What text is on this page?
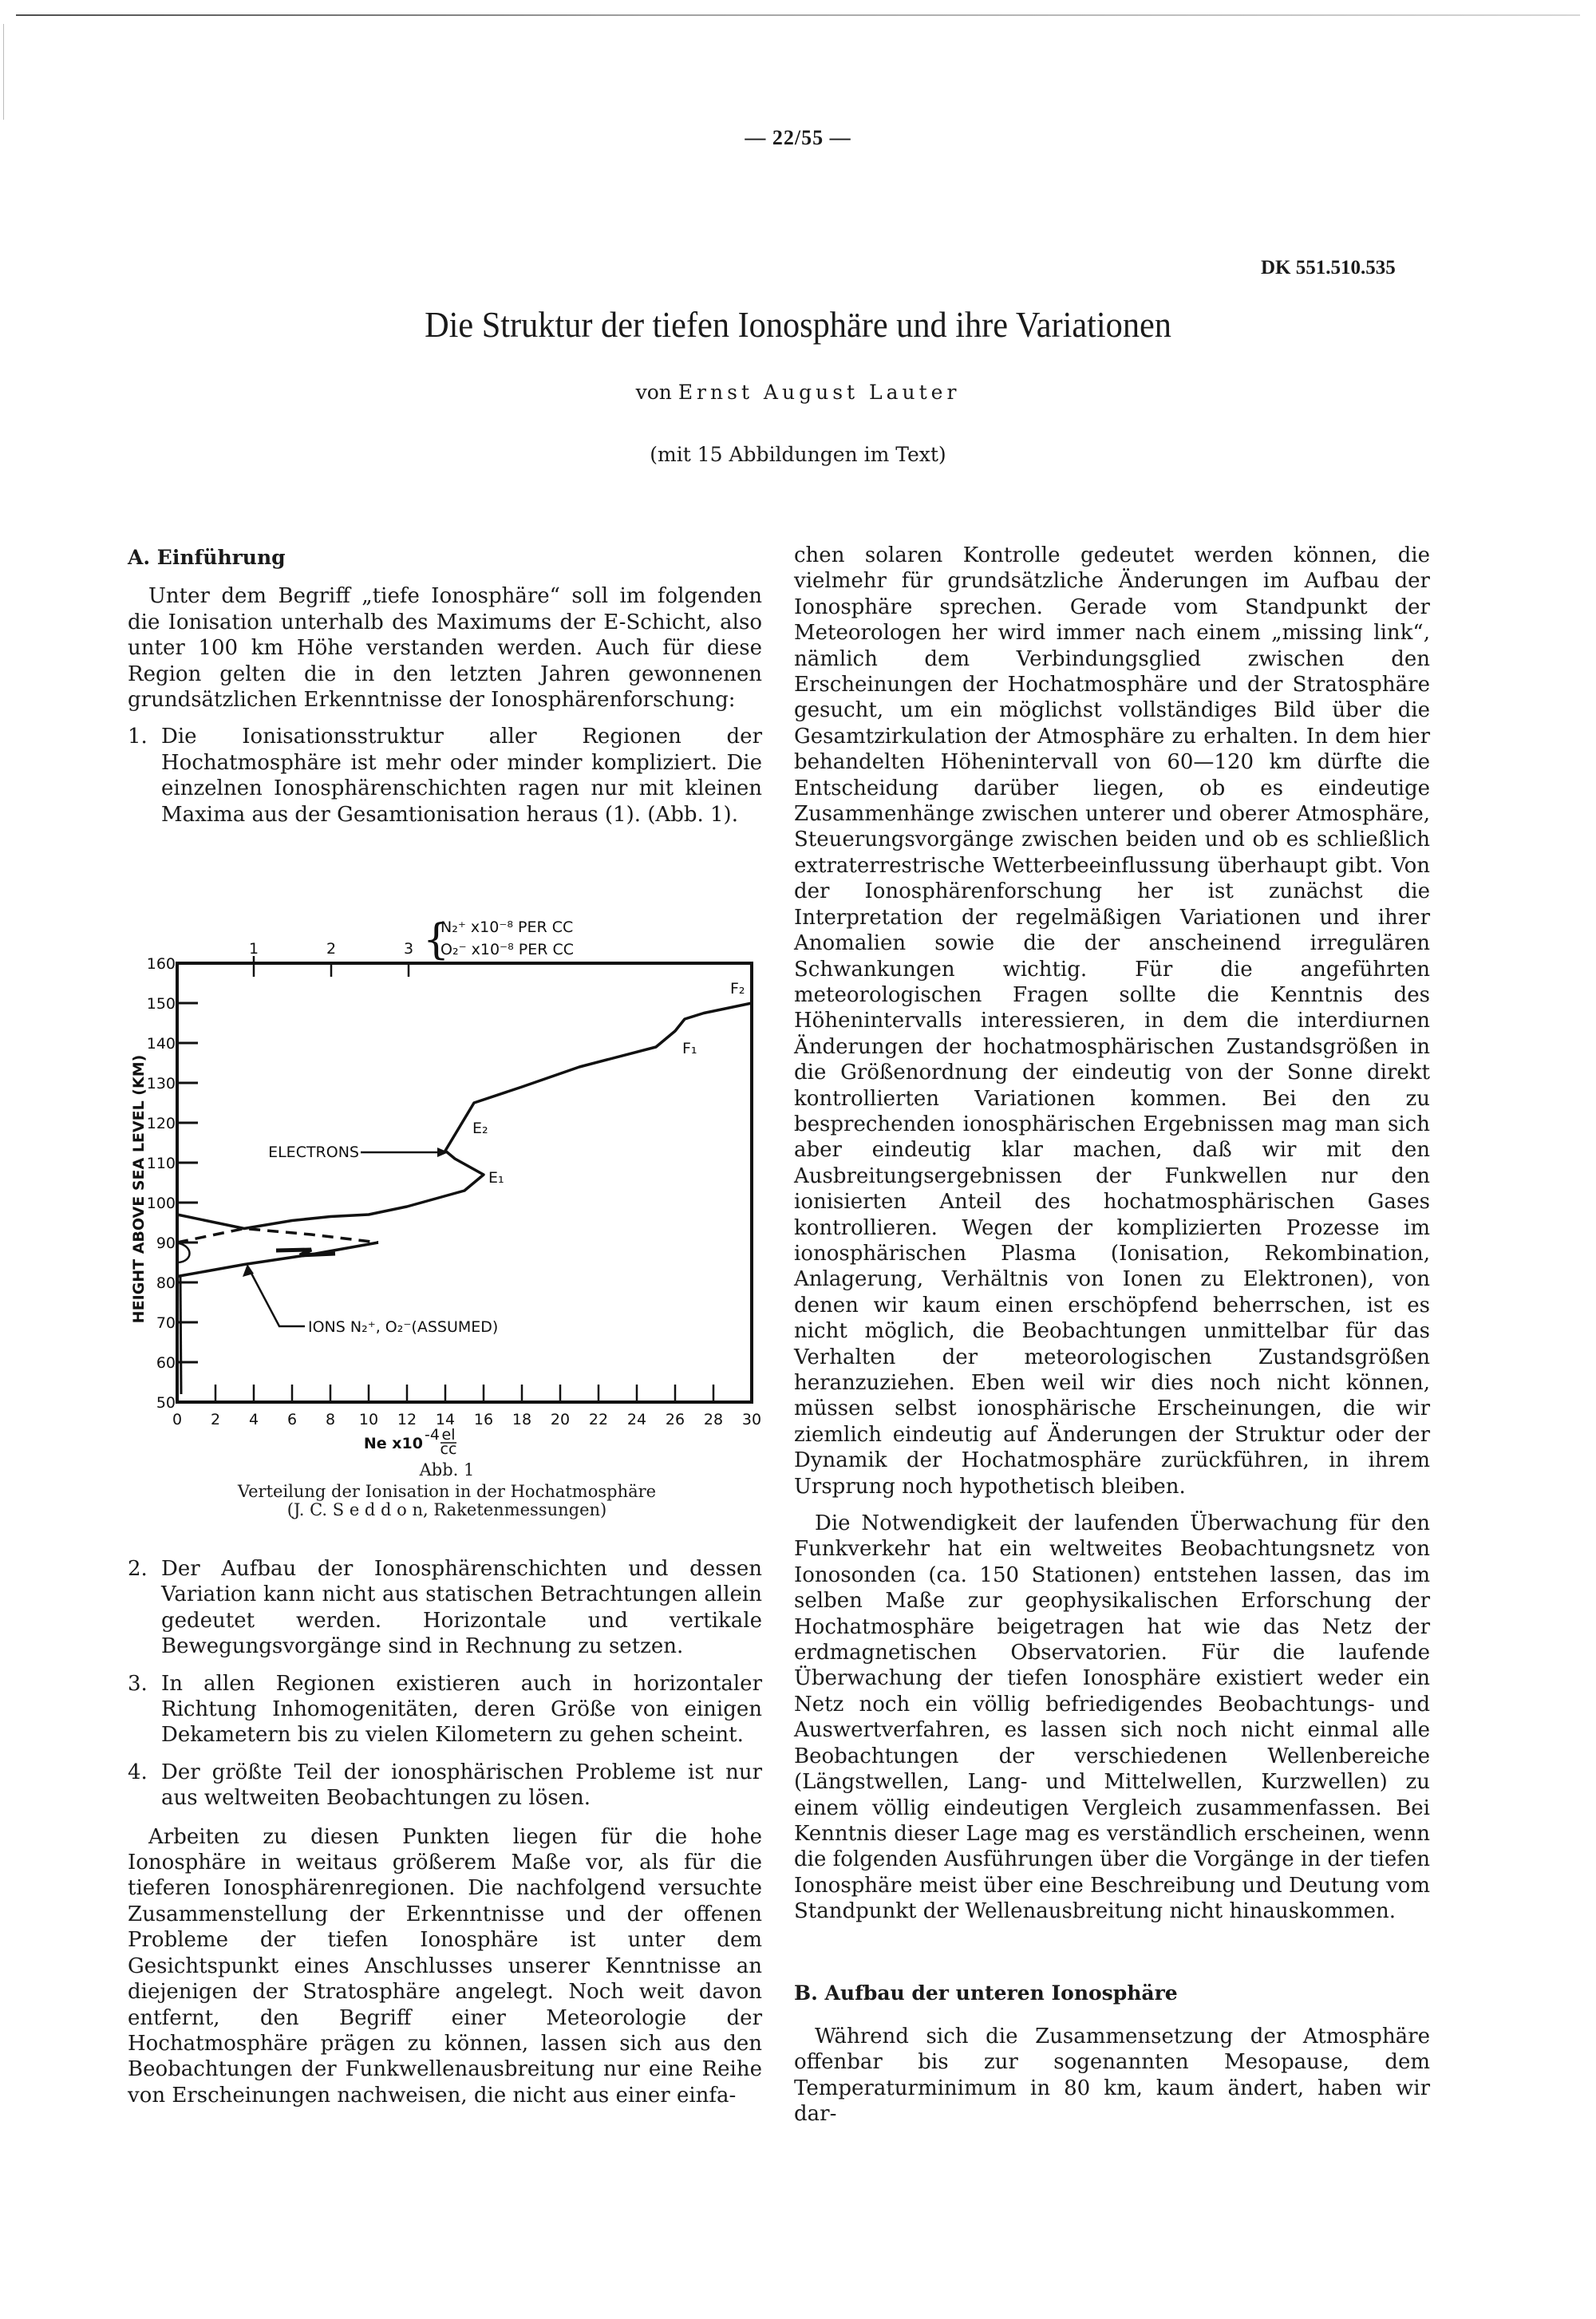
— 22/55 —
DK 551.510.535
Die Struktur der tiefen Ionosphäre und ihre Variationen
von Ernst August Lauter
(mit 15 Abbildungen im Text)
A. Einführung

Unter dem Begriff „tiefe Ionosphäre“ soll im folgenden die Ionisation unterhalb des Maximums der E-Schicht, also unter 100 km Höhe verstanden werden. Auch für diese Region gelten die in den letzten Jahren gewonnenen grundsätzlichen Erkenntnisse der Ionosphärenforschung:

1. Die Ionisationsstruktur aller Regionen der Hochatmosphäre ist mehr oder minder kompliziert. Die einzelnen Ionosphärenschichten ragen nur mit kleinen Maxima aus der Gesamtionisation heraus (1). (Abb. 1).
50
60
70
80
90
100
110
120
130
140
150
160
0 2 4 6 8 10 12 14 16 18 20 22 24 26 28 30
1	2	3 {
N₂⁺ x10⁻⁸ PER CC
O₂⁻ x10⁻⁸ PER CC
HEIGHT ABOVE SEA LEVEL (KM)
Ne x10 -4 el
cc
ELECTRONS
IONS N₂⁺, O₂⁻(ASSUMED)
E₁
E₂
F₁
F₂
Abb. 1
Verteilung der Ionisation in der Hochatmosphäre
(J. C. S e d d o n, Raketenmessungen)
2. Der Aufbau der Ionosphärenschichten und dessen Variation kann nicht aus statischen Betrachtungen allein gedeutet werden. Horizontale und vertikale Bewegungsvorgänge sind in Rechnung zu setzen.
3. In allen Regionen existieren auch in horizontaler Richtung Inhomogenitäten, deren Größe von einigen Dekametern bis zu vielen Kilometern zu gehen scheint.
4. Der größte Teil der ionosphärischen Probleme ist nur aus weltweiten Beobachtungen zu lösen.

Arbeiten zu diesen Punkten liegen für die hohe Ionosphäre in weitaus größerem Maße vor, als für die tieferen Ionosphärenregionen. Die nachfolgend versuchte Zusammenstellung der Erkenntnisse und der offenen Probleme der tiefen Ionosphäre ist unter dem Gesichtspunkt eines Anschlusses unserer Kenntnisse an diejenigen der Stratosphäre angelegt. Noch weit davon entfernt, den Begriff einer Meteorologie der Hochatmosphäre prägen zu können, lassen sich aus den Beobachtungen der Funkwellenausbreitung nur eine Reihe von Erscheinungen nachweisen, die nicht aus einer einfa-

chen solaren Kontrolle gedeutet werden können, die vielmehr für grundsätzliche Änderungen im Aufbau der Ionosphäre sprechen. Gerade vom Standpunkt der Meteorologen her wird immer nach einem „missing link“, nämlich dem Verbindungsglied zwischen den Erscheinungen der Hochatmosphäre und der Stratosphäre gesucht, um ein möglichst vollständiges Bild über die Gesamtzirkulation der Atmosphäre zu erhalten. In dem hier behandelten Höhenintervall von 60—120 km dürfte die Entscheidung darüber liegen, ob es eindeutige Zusammenhänge zwischen unterer und oberer Atmosphäre, Steuerungsvorgänge zwischen beiden und ob es schließlich extraterrestrische Wetterbeeinflussung überhaupt gibt. Von der Ionosphärenforschung her ist zunächst die Interpretation der regelmäßigen Variationen und ihrer Anomalien sowie die der anscheinend irregulären Schwankungen wichtig. Für die angeführten meteorologischen Fragen sollte die Kenntnis des Höhenintervalls interessieren, in dem die interdiurnen Änderungen der hochatmosphärischen Zustandsgrößen in die Größenordnung der eindeutig von der Sonne direkt kontrollierten Variationen kommen. Bei den zu besprechenden ionosphärischen Ergebnissen mag man sich aber eindeutig klar machen, daß wir mit den Ausbreitungsergebnissen der Funkwellen nur den ionisierten Anteil des hochatmosphärischen Gases kontrollieren. Wegen der komplizierten Prozesse im ionosphärischen Plasma (Ionisation, Rekombination, Anlagerung, Verhältnis von Ionen zu Elektronen), von denen wir kaum einen erschöpfend beherrschen, ist es nicht möglich, die Beobachtungen unmittelbar für das Verhalten der meteorologischen Zustandsgrößen heranzuziehen. Eben weil wir dies noch nicht können, müssen selbst ionosphärische Erscheinungen, die wir ziemlich eindeutig auf Änderungen der Struktur oder der Dynamik der Hochatmosphäre zurückführen, in ihrem Ursprung noch hypothetisch bleiben.

Die Notwendigkeit der laufenden Überwachung für den Funkverkehr hat ein weltweites Beobachtungsnetz von Ionosonden (ca. 150 Stationen) entstehen lassen, das im selben Maße zur geophysikalischen Erforschung der Hochatmosphäre beigetragen hat wie das Netz der erdmagnetischen Observatorien. Für die laufende Überwachung der tiefen Ionosphäre existiert weder ein Netz noch ein völlig befriedigendes Beobachtungs- und Auswertverfahren, es lassen sich noch nicht einmal alle Beobachtungen der verschiedenen Wellenbereiche (Längstwellen, Lang- und Mittelwellen, Kurzwellen) zu einem völlig eindeutigen Vergleich zusammenfassen. Bei Kenntnis dieser Lage mag es verständlich erscheinen, wenn die folgenden Ausführungen über die Vorgänge in der tiefen Ionosphäre meist über eine Beschreibung und Deutung vom Standpunkt der Wellenausbreitung nicht hinauskommen.

B. Aufbau der unteren Ionosphäre

Während sich die Zusammensetzung der Atmosphäre offenbar bis zur sogenannten Mesopause, dem Temperaturminimum in 80 km, kaum ändert, haben wir dar-
